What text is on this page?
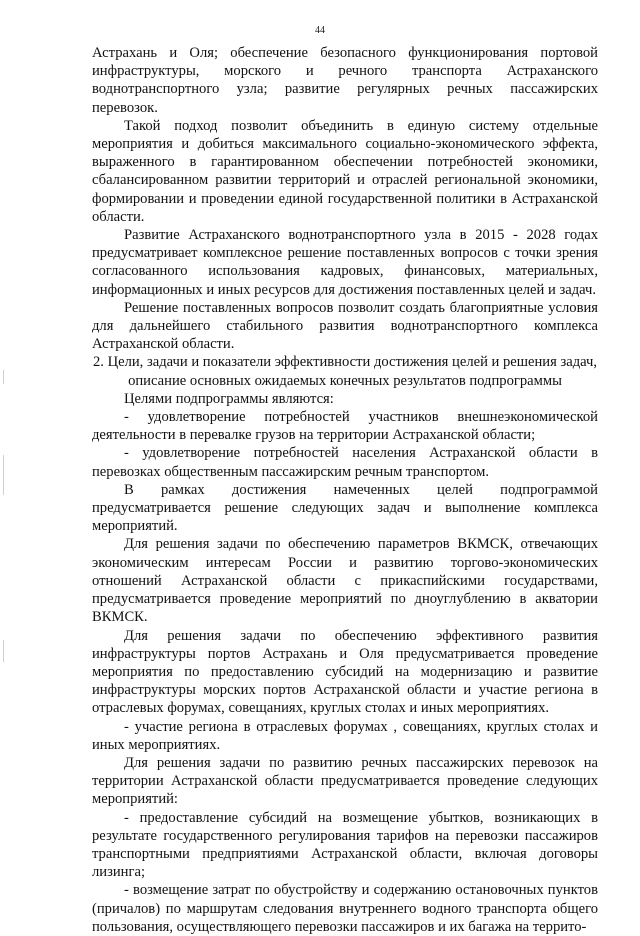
44

Астрахань и Оля; обеспечение безопасного функционирования портовой инфраструктуры, морского и речного транспорта Астраханского воднотранспортного узла; развитие регулярных речных пассажирских перевозок.

Такой подход позволит объединить в единую систему отдельные мероприятия и добиться максимального социально-экономического эффекта, выраженного в гарантированном обеспечении потребностей экономики, сбалансированном развитии территорий и отраслей региональной экономики, формировании и проведении единой государственной политики в Астраханской области.

Развитие Астраханского воднотранспортного узла в 2015 - 2028 годах предусматривает комплексное решение поставленных вопросов с точки зрения согласованного использования кадровых, финансовых, материальных, информационных и иных ресурсов для достижения поставленных целей и задач.

Решение поставленных вопросов позволит создать благоприятные условия для дальнейшего стабильного развития воднотранспортного комплекса Астраханской области.

2. Цели, задачи и показатели эффективности достижения целей и решения задач, описание основных ожидаемых конечных результатов подпрограммы

Целями подпрограммы являются:

- удовлетворение потребностей участников внешнеэкономической деятельности в перевалке грузов на территории Астраханской области;

- удовлетворение потребностей населения Астраханской области в перевозках общественным пассажирским речным транспортом.

В рамках достижения намеченных целей подпрограммой предусматривается решение следующих задач и выполнение комплекса мероприятий.

Для решения задачи по обеспечению параметров ВКМСК, отвечающих экономическим интересам России и развитию торгово-экономических отношений Астраханской области с прикаспийскими государствами, предусматривается проведение мероприятий по дноуглублению в акватории ВКМСК.

Для решения задачи по обеспечению эффективного развития инфраструктуры портов Астрахань и Оля предусматривается проведение мероприятия по предоставлению субсидий на модернизацию и развитие инфраструктуры морских портов Астраханской области и участие региона в отраслевых форумах, совещаниях, круглых столах и иных мероприятиях.

- участие региона в отраслевых форумах , совещаниях, круглых столах и иных мероприятиях.

Для решения задачи по развитию речных пассажирских перевозок на территории Астраханской области предусматривается проведение следующих мероприятий:

- предоставление субсидий на возмещение убытков, возникающих в результате государственного регулирования тарифов на перевозки пассажиров транспортными предприятиями Астраханской области, включая договоры лизинга;

- возмещение затрат по обустройству и содержанию остановочных пунктов (причалов) по маршрутам следования внутреннего водного транспорта общего пользования, осуществляющего перевозки пассажиров и их багажа на террито-
